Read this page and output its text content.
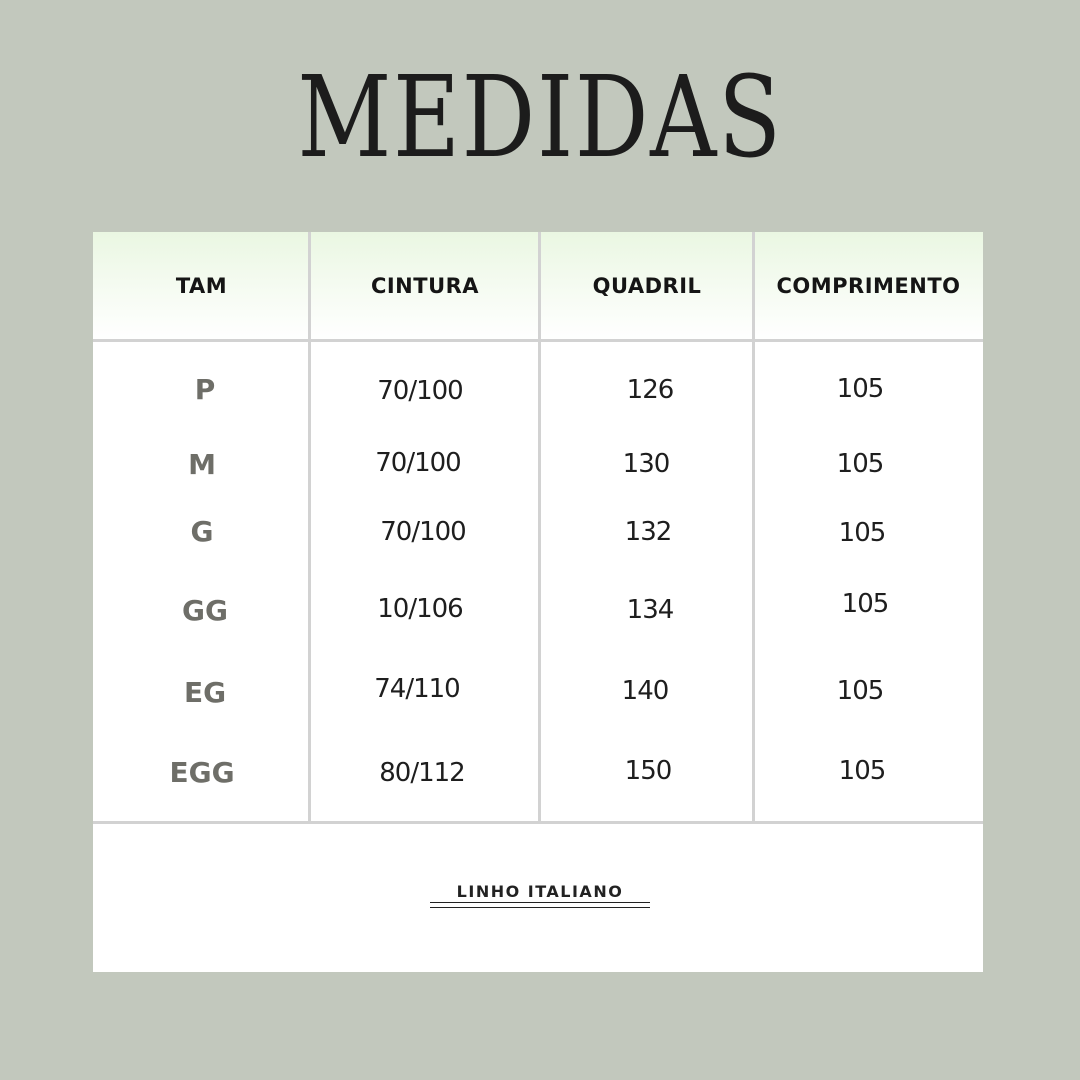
MEDIDAS
TAM	CINTURA	QUADRIL	COMPRIMENTO
P	70/100	126	105
M	70/100	130	105
G	70/100	132	105
GG	10/106	134	105
EG	74/110	140	105
EGG	80/112	150	105
LINHO ITALIANO
